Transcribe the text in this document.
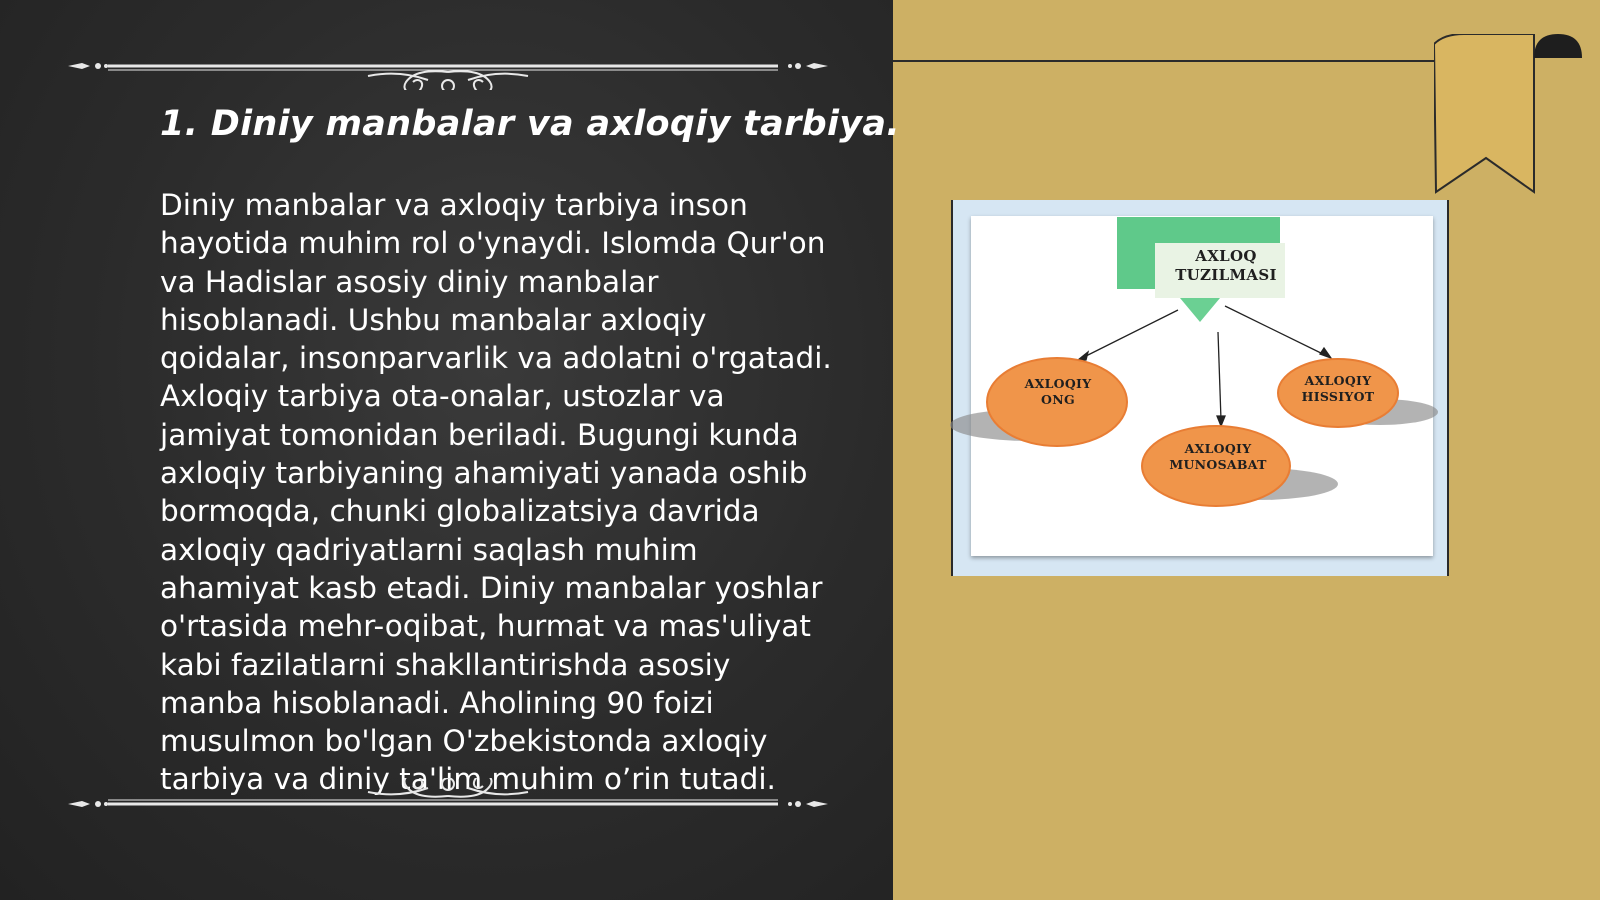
1. Diniy manbalar va axloqiy tarbiya.

Diniy manbalar va axloqiy tarbiya inson hayotida muhim rol o'ynaydi. Islomda Qur'on va Hadislar asosiy diniy manbalar hisoblanadi. Ushbu manbalar axloqiy qoidalar, insonparvarlik va adolatni o'rgatadi. Axloqiy tarbiya ota-onalar, ustozlar va jamiyat tomonidan beriladi. Bugungi kunda axloqiy tarbiyaning ahamiyati yanada oshib bormoqda, chunki globalizatsiya davrida axloqiy qadriyatlarni saqlash muhim ahamiyat kasb etadi. Diniy manbalar yoshlar o'rtasida mehr-oqibat, hurmat va mas'uliyat kabi fazilatlarni shakllantirishda asosiy manba hisoblanadi. Aholining 90 foizi musulmon bo'lgan O'zbekistonda axloqiy tarbiya va diniy ta'lim muhim o’rin tutadi.

AXLOQ
TUZILMASI
AXLOQIY
ONG
AXLOQIY
HISSIYOT
AXLOQIY
MUNOSABAT
